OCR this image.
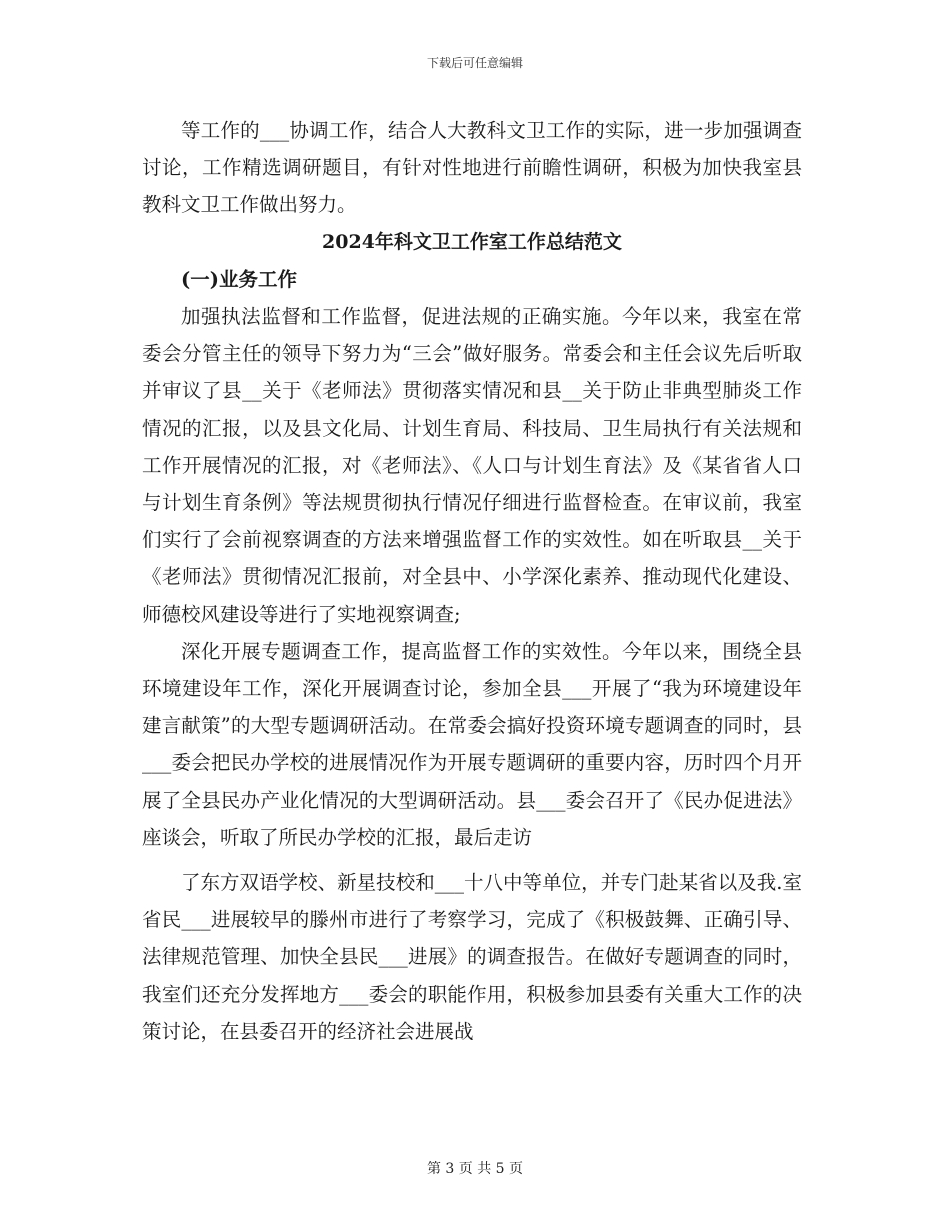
下载后可任意编辑

等工作的___协调工作，结合人大教科文卫工作的实际，进一步加强调查讨论，工作精选调研题目，有针对性地进行前瞻性调研，积极为加快我室县教科文卫工作做出努力。

2024年科文卫工作室工作总结范文

(一)业务工作

加强执法监督和工作监督，促进法规的正确实施。今年以来，我室在常委会分管主任的领导下努力为“三会”做好服务。常委会和主任会议先后听取并审议了县__关于《老师法》贯彻落实情况和县__关于防止非典型肺炎工作情况的汇报，以及县文化局、计划生育局、科技局、卫生局执行有关法规和工作开展情况的汇报，对《老师法》、《人口与计划生育法》及《某省省人口与计划生育条例》等法规贯彻执行情况仔细进行监督检查。在审议前，我室们实行了会前视察调查的方法来增强监督工作的实效性。如在听取县__关于《老师法》贯彻情况汇报前，对全县中、小学深化素养、推动现代化建设、师德校风建设等进行了实地视察调查;

深化开展专题调查工作，提高监督工作的实效性。今年以来，围绕全县环境建设年工作，深化开展调查讨论，参加全县___开展了“我为环境建设年建言献策”的大型专题调研活动。在常委会搞好投资环境专题调查的同时，县___委会把民办学校的进展情况作为开展专题调研的重要内容，历时四个月开展了全县民办产业化情况的大型调研活动。县___委会召开了《民办促进法》座谈会，听取了所民办学校的汇报，最后走访

了东方双语学校、新星技校和___十八中等单位，并专门赴某省以及我.室省民___进展较早的滕州市进行了考察学习，完成了《积极鼓舞、正确引导、法律规范管理、加快全县民___进展》的调查报告。在做好专题调查的同时，我室们还充分发挥地方___委会的职能作用，积极参加县委有关重大工作的决策讨论，在县委召开的经济社会进展战

第 3 页 共 5 页
